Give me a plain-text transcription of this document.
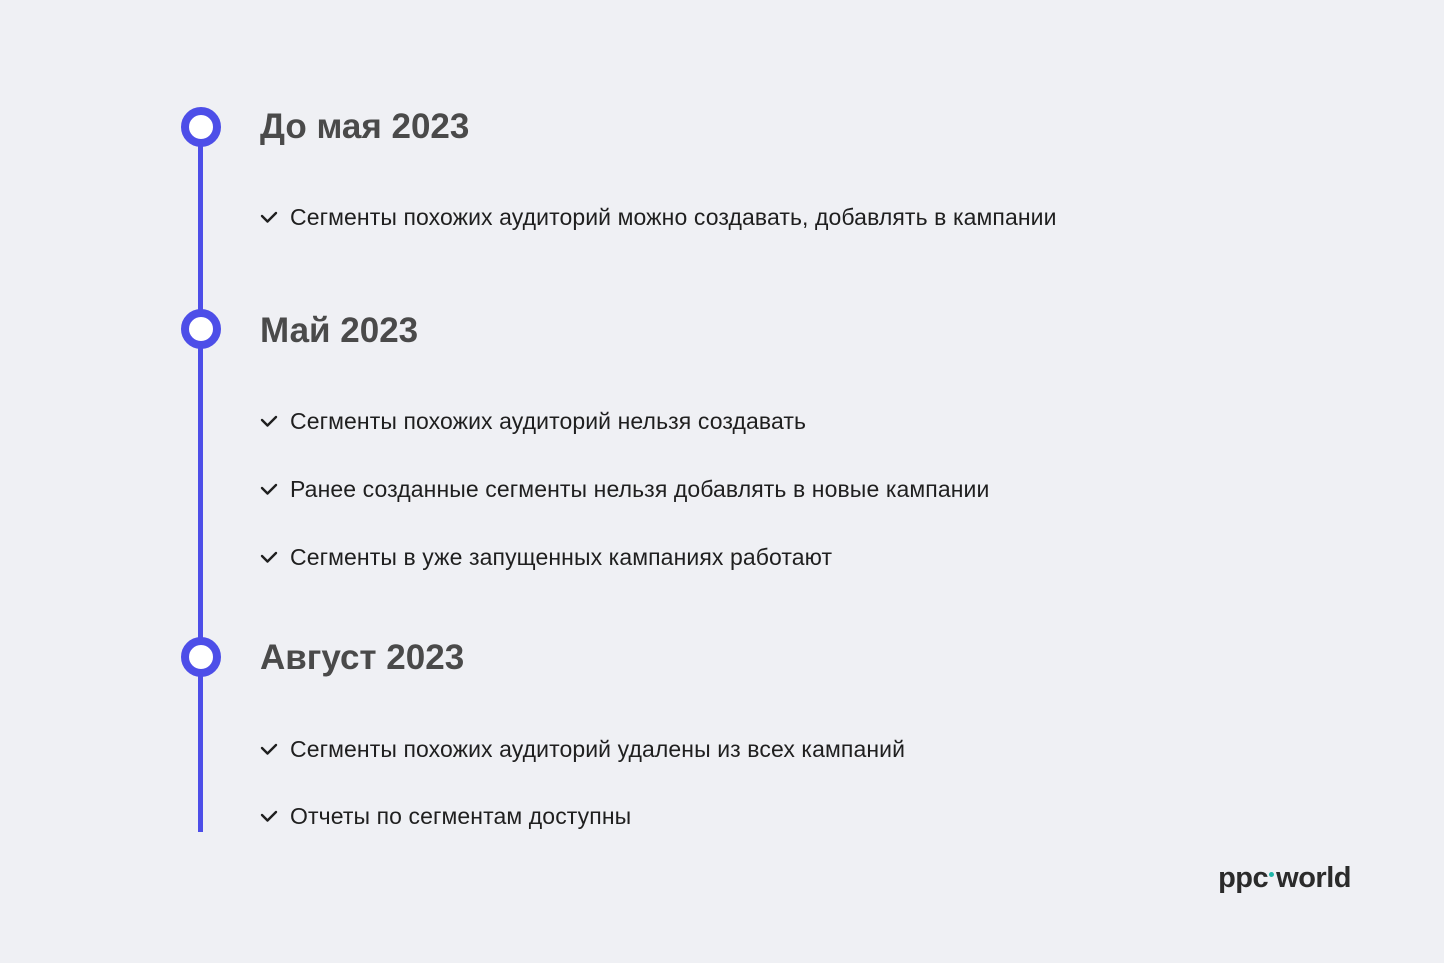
До мая 2023
Сегменты похожих аудиторий можно создавать, добавлять в кампании
Май 2023
Сегменты похожих аудиторий нельзя создавать
Ранее созданные сегменты нельзя добавлять в новые кампании
Сегменты в уже запущенных кампаниях работают
Август 2023
Сегменты похожих аудиторий удалены из всех кампаний
Отчеты по сегментам доступны
ppc world
